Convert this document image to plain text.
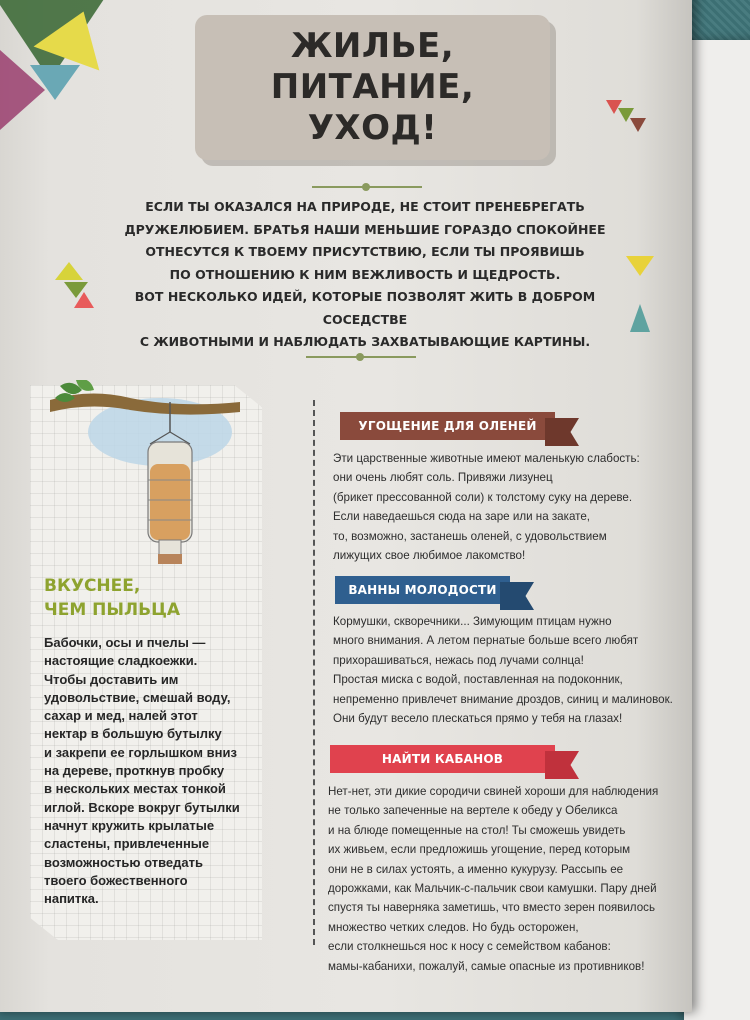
ЖИЛЬЕ,
ПИТАНИЕ, УХОД!
ЕСЛИ ТЫ ОКАЗАЛСЯ НА ПРИРОДЕ, НЕ СТОИТ ПРЕНЕБРЕГАТЬ
ДРУЖЕЛЮБИЕМ. БРАТЬЯ НАШИ МЕНЬШИЕ ГОРАЗДО СПОКОЙНЕЕ
ОТНЕСУТСЯ К ТВОЕМУ ПРИСУТСТВИЮ, ЕСЛИ ТЫ ПРОЯВИШЬ
ПО ОТНОШЕНИЮ К НИМ ВЕЖЛИВОСТЬ И ЩЕДРОСТЬ.
ВОТ НЕСКОЛЬКО ИДЕЙ, КОТОРЫЕ ПОЗВОЛЯТ ЖИТЬ В ДОБРОМ СОСЕДСТВЕ
С ЖИВОТНЫМИ И НАБЛЮДАТЬ ЗАХВАТЫВАЮЩИЕ КАРТИНЫ.
ВКУСНЕЕ,
ЧЕМ ПЫЛЬЦА
Бабочки, осы и пчелы —
настоящие сладкоежки.
Чтобы доставить им
удовольствие, смешай воду,
сахар и мед, налей этот
нектар в большую бутылку
и закрепи ее горлышком вниз
на дереве, проткнув пробку
в нескольких местах тонкой
иглой. Вскоре вокруг бутылки
начнут кружить крылатые
сластены, привлеченные
возможностью отведать
твоего божественного
напитка.
УГОЩЕНИЕ ДЛЯ ОЛЕНЕЙ
Эти царственные животные имеют маленькую слабость:
они очень любят соль. Привяжи лизунец
(брикет прессованной соли) к толстому суку на дереве.
Если наведаешься сюда на заре или на закате,
то, возможно, застанешь оленей, с удовольствием
лижущих свое любимое лакомство!
ВАННЫ МОЛОДОСТИ
Кормушки, скворечники... Зимующим птицам нужно
много внимания. А летом пернатые больше всего любят
прихорашиваться, нежась под лучами солнца!
Простая миска с водой, поставленная на подоконник,
непременно привлечет внимание дроздов, синиц и малиновок.
Они будут весело плескаться прямо у тебя на глазах!
НАЙТИ КАБАНОВ
Нет-нет, эти дикие сородичи свиней хороши для наблюдения
не только запеченные на вертеле к обеду у Обеликса
и на блюде помещенные на стол! Ты сможешь увидеть
их живьем, если предложишь угощение, перед которым
они не в силах устоять, а именно кукурузу. Рассыпь ее
дорожками, как Мальчик-с-пальчик свои камушки. Пару дней
спустя ты наверняка заметишь, что вместо зерен появилось
множество четких следов. Но будь осторожен,
если столкнешься нос к носу с семейством кабанов:
мамы-кабанихи, пожалуй, самые опасные из противников!
